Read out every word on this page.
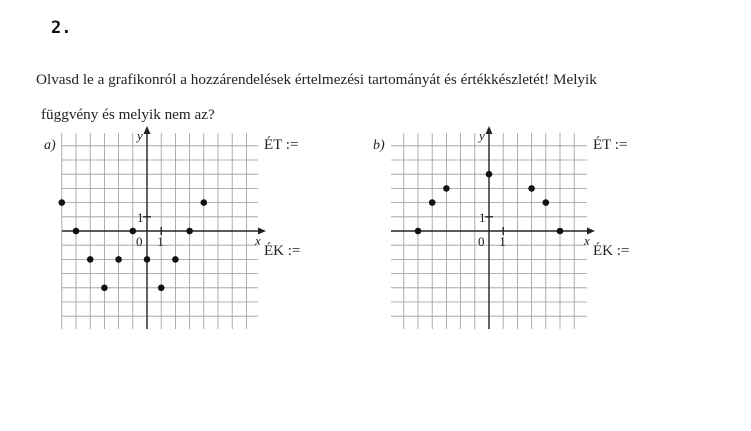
2.
Olvasd le a grafikonról a hozzárendelések értelmezési tartományát és értékkészletét! Melyik
függvény és melyik nem az?
a)
x
y
0 1
1
ÉT :=
ÉK :=
b)
x
y
0 1
1
ÉT :=
ÉK :=
